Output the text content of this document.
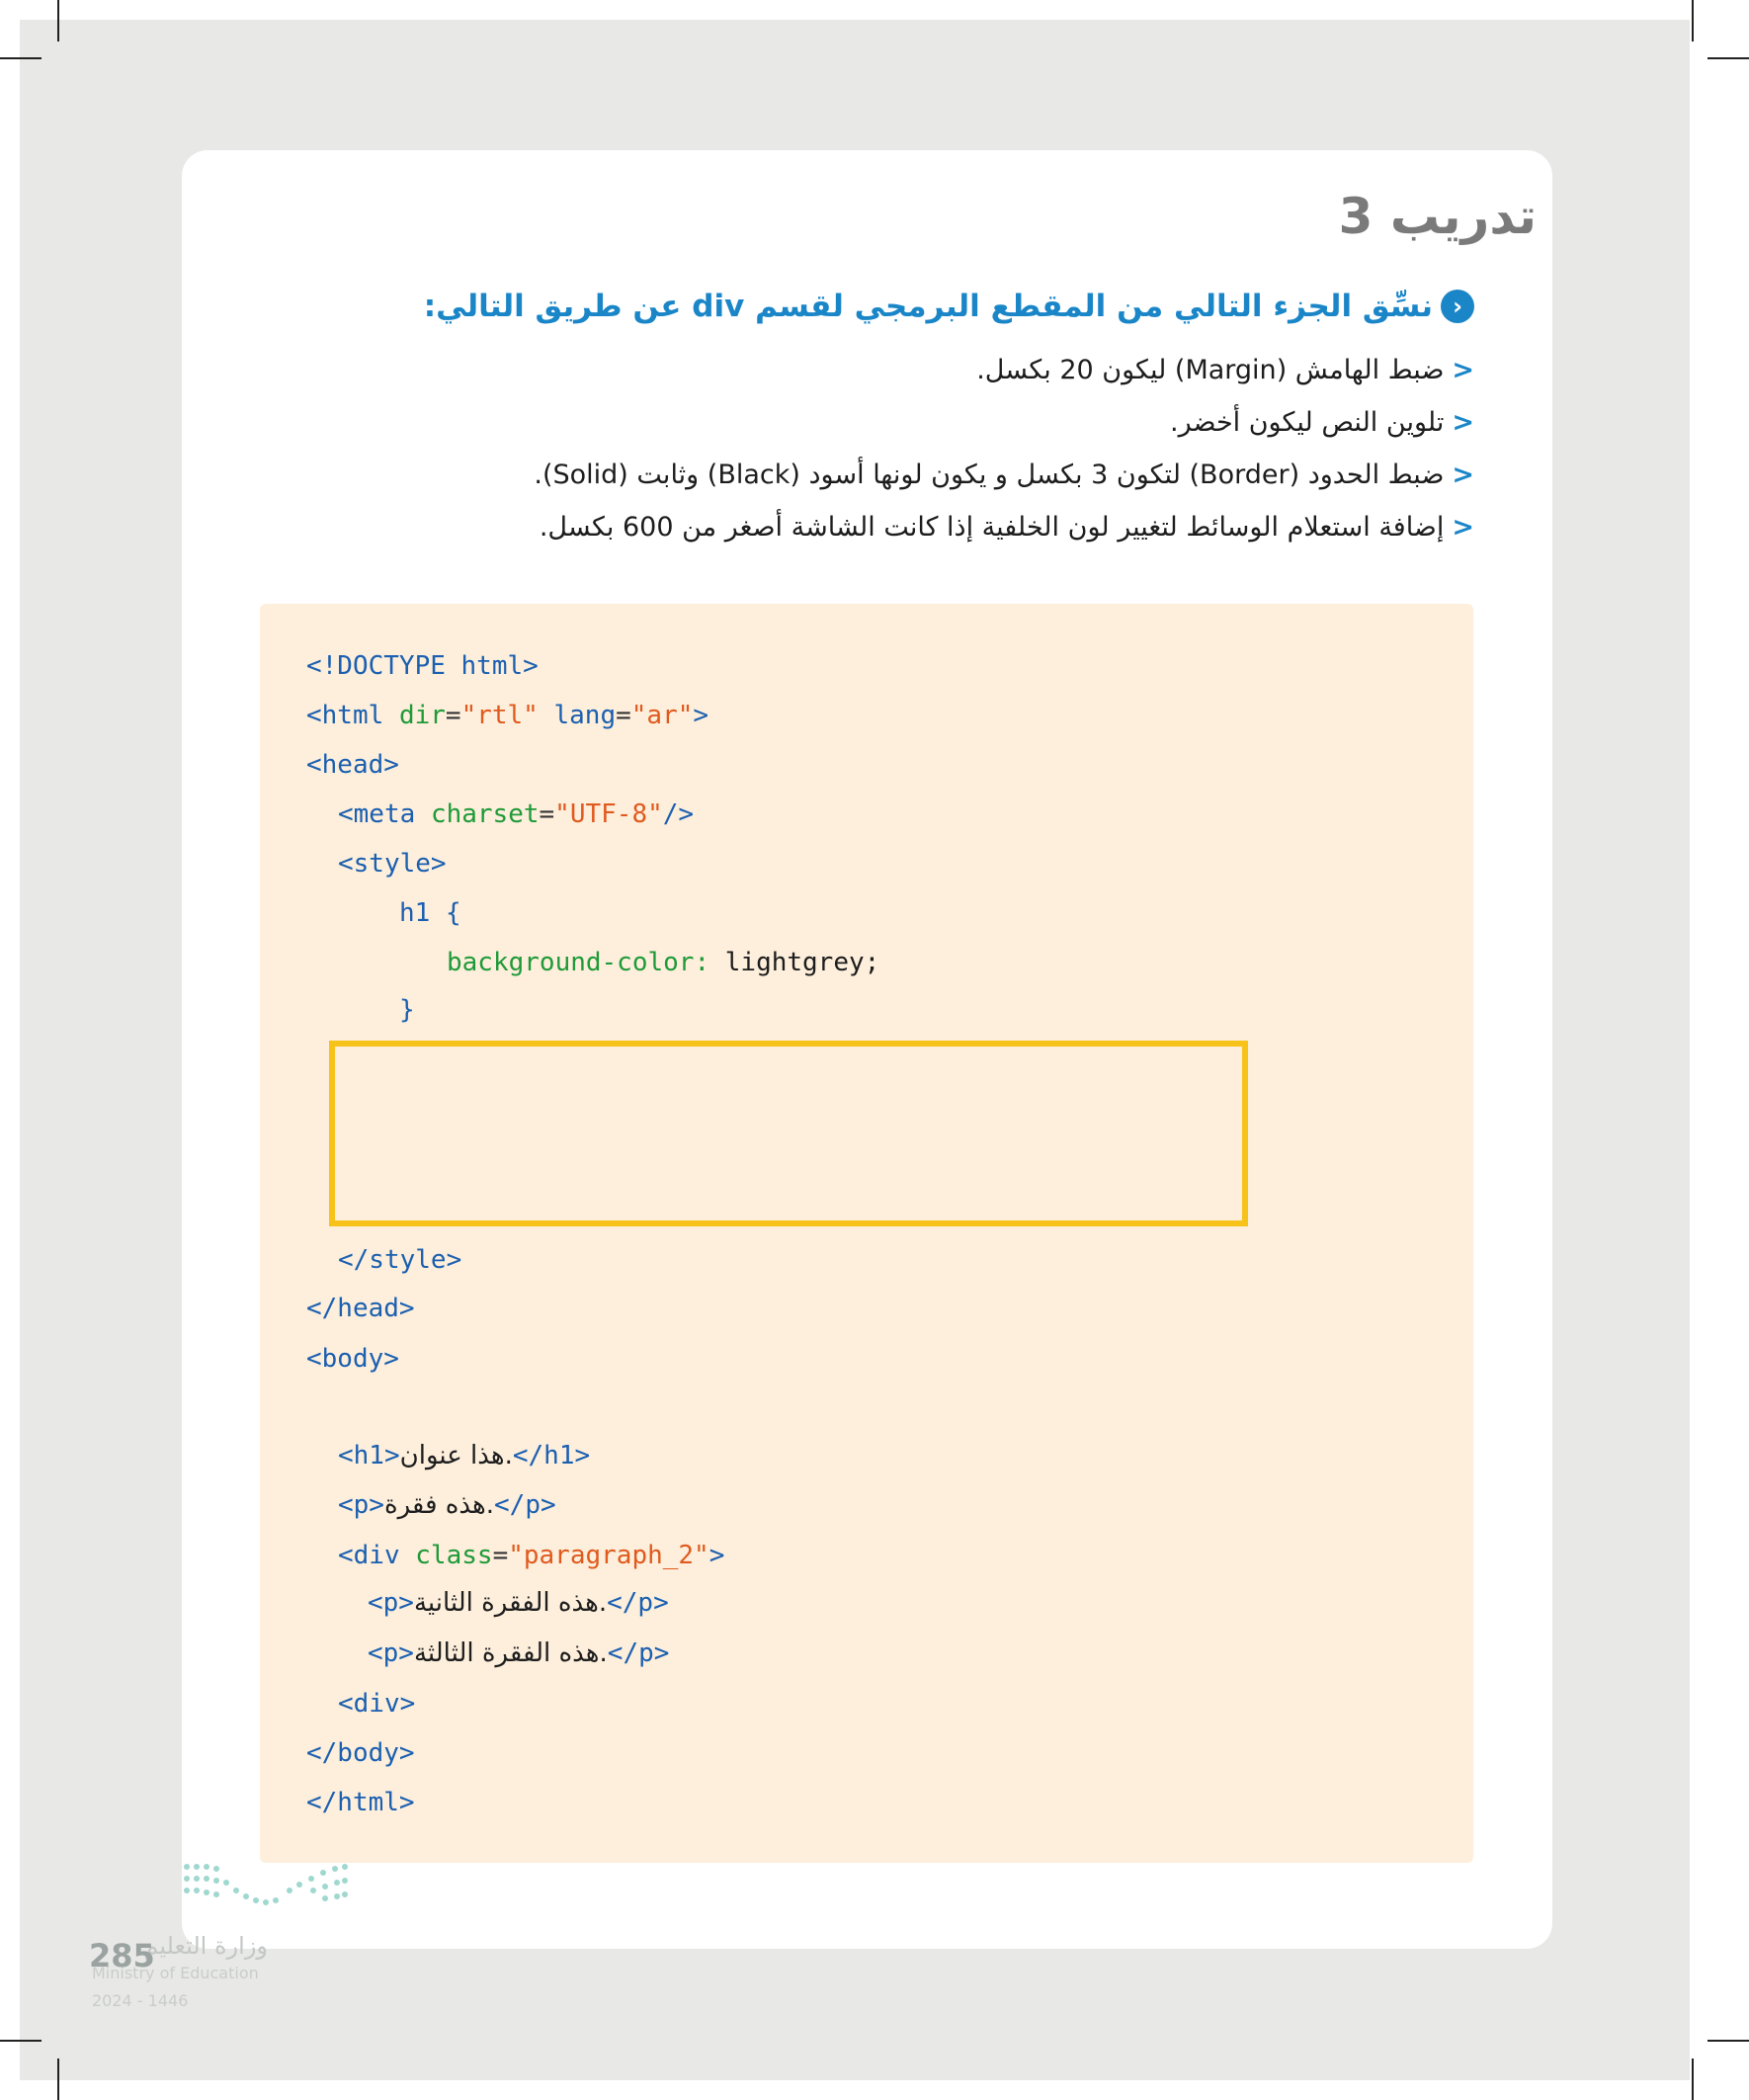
تدريب 3
‹
نسِّق الجزء التالي من المقطع البرمجي لقسم div عن طريق التالي:
<ضبط الهامش (Margin) ليكون 20 بكسل.
<تلوين النص ليكون أخضر.
<ضبط الحدود (Border) لتكون 3 بكسل و يكون لونها أسود (Black) وثابت (Solid).
<إضافة استعلام الوسائط لتغيير لون الخلفية إذا كانت الشاشة أصغر من 600 بكسل.
<!DOCTYPE html>
<html dir="rtl" lang="ar">
<head>
<meta charset="UTF-8"/>
<style>
h1 {
background-color: lightgrey;
}
</style>
</head>
<body>
<h1>هذا عنوان.</h1>
<p>هذه فقرة.</p>
<div class="paragraph_2">
<p>هذه الفقرة الثانية.</p>
<p>هذه الفقرة الثالثة.</p>
<div>
</body>
</html>
وزارة التعليم
Ministry of Education
2024 - 1446
285
